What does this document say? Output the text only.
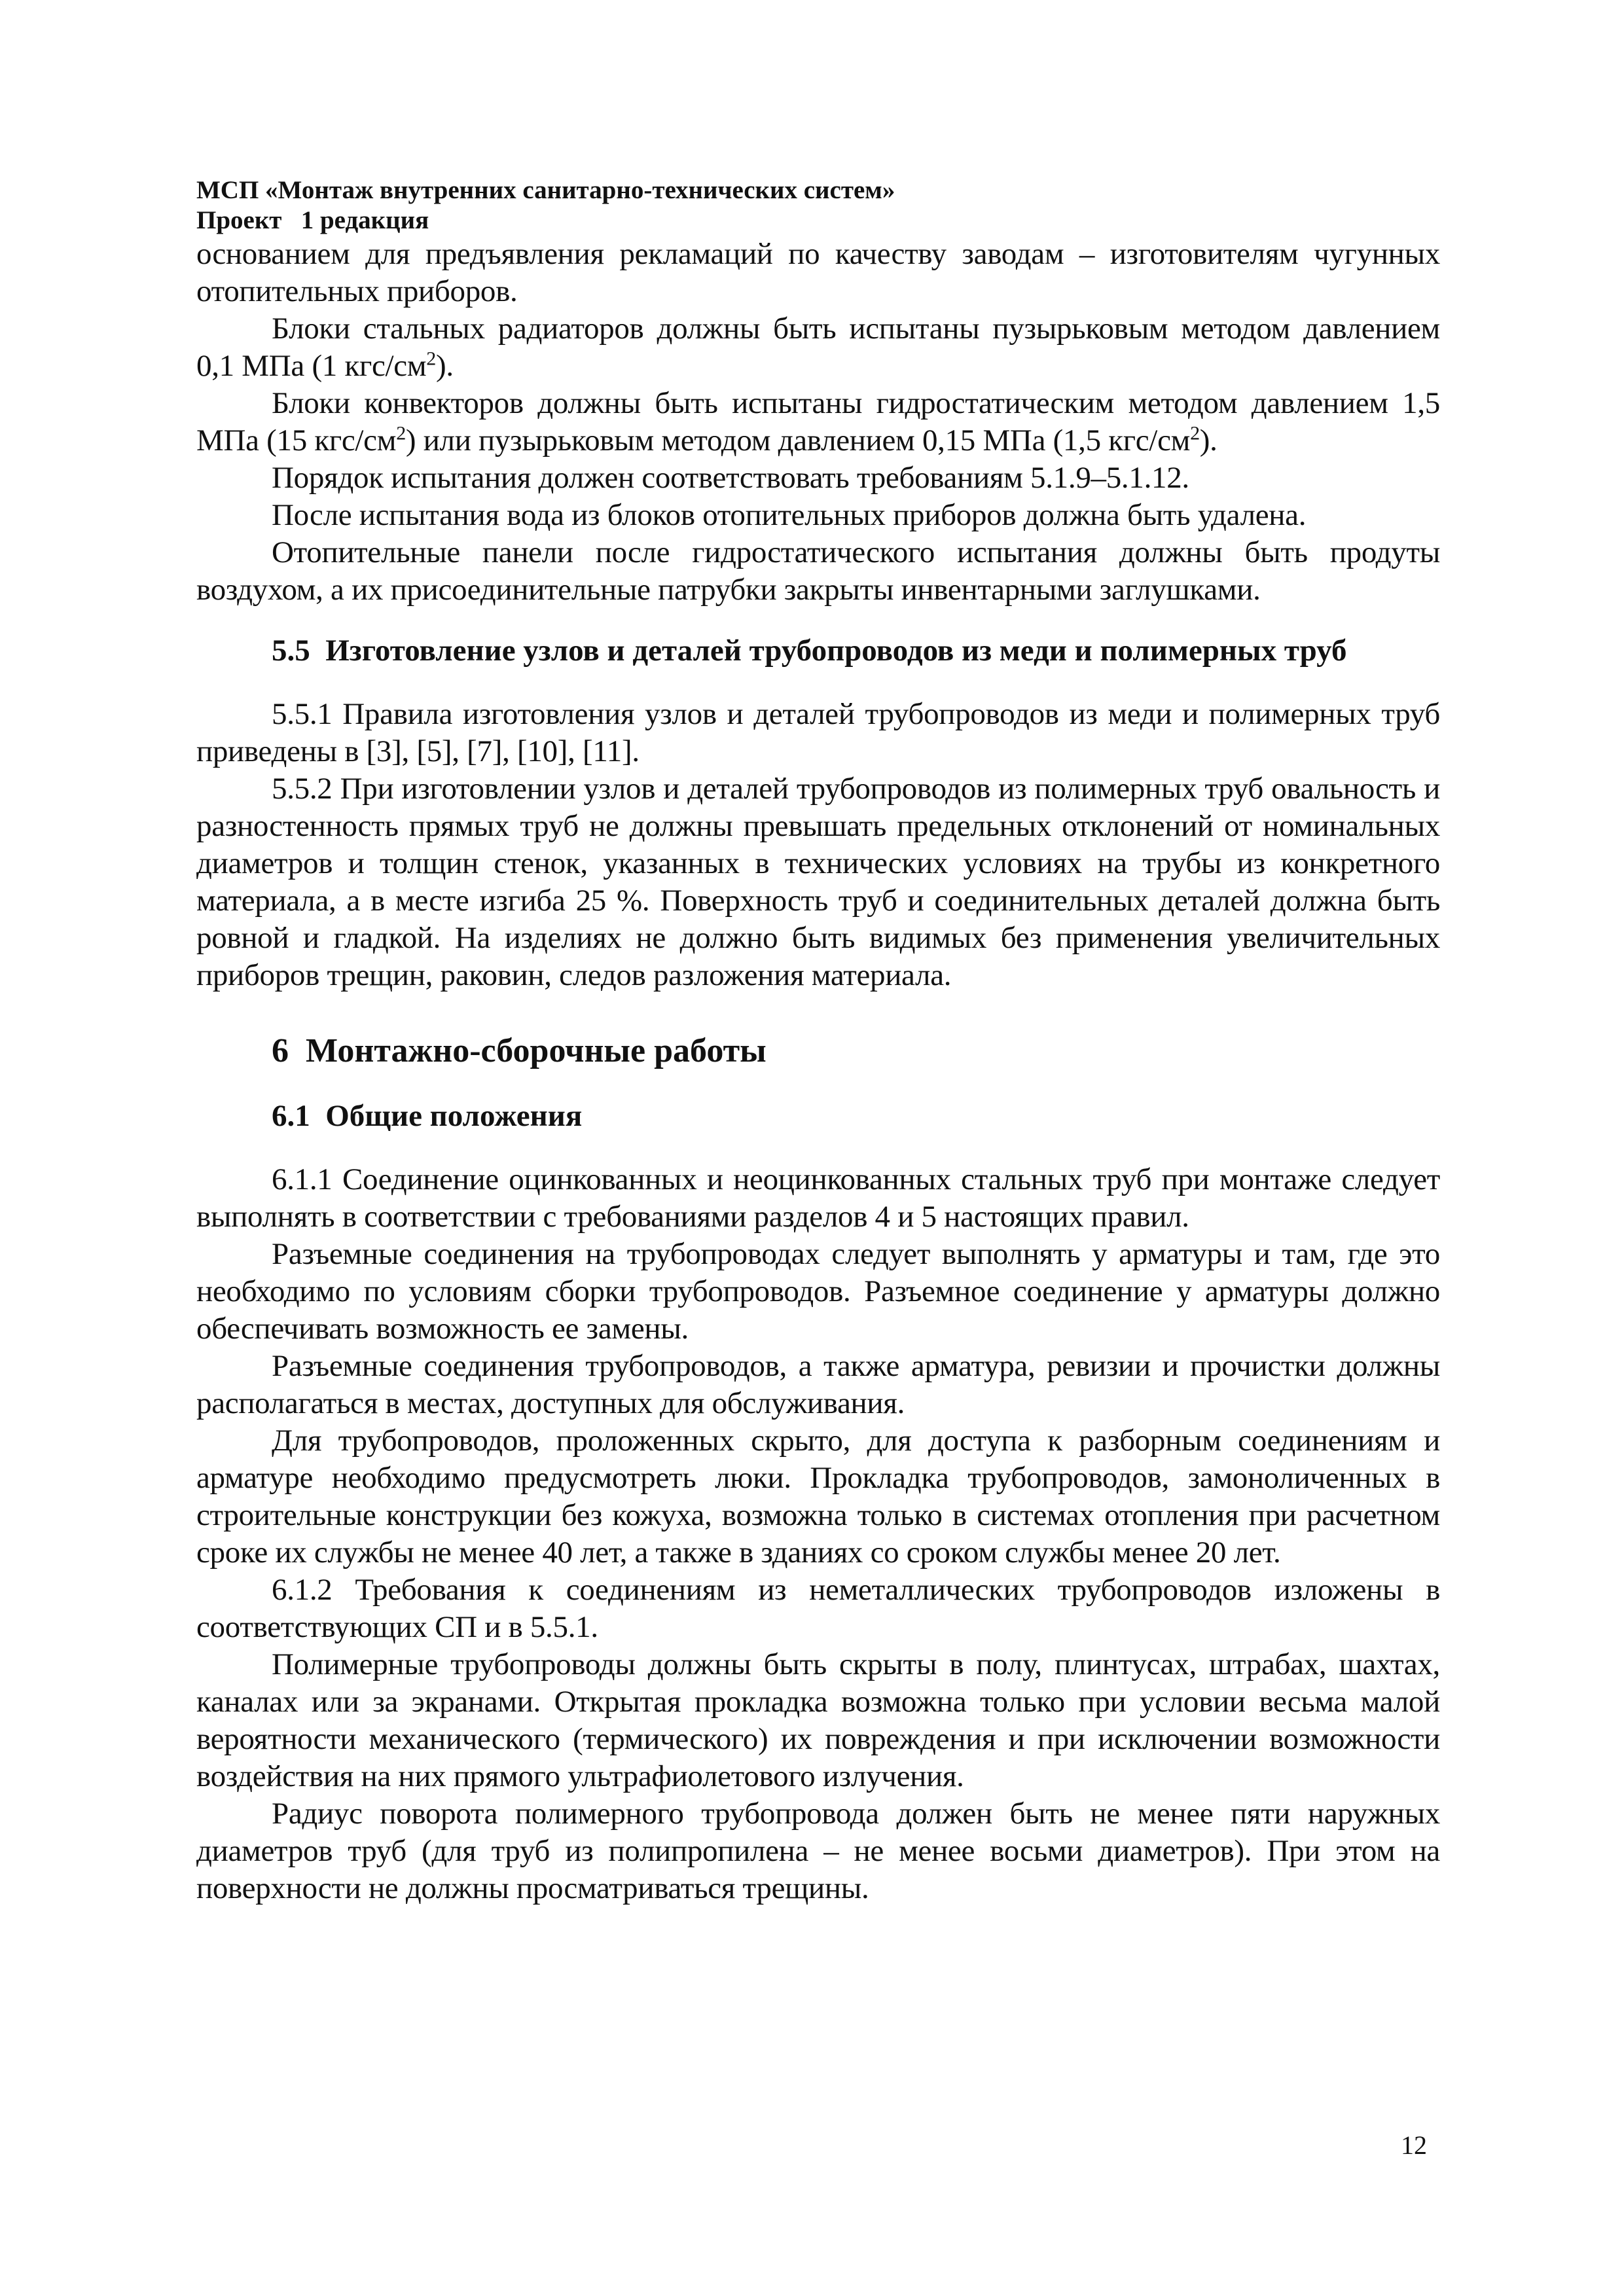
МСП «Монтаж внутренних санитарно-технических систем»

Проект   1 редакция

основанием для предъявления рекламаций по качеству заводам – изготовителям чугунных отопительных приборов.

Блоки стальных радиаторов должны быть испытаны пузырьковым методом давлением 0,1 МПа (1 кгс/$см^2$).

Блоки конвекторов должны быть испытаны гидростатическим методом давлением 1,5 МПа (15 кгс/$см^2$) или пузырьковым методом давлением 0,15 МПа (1,5 кгс/$см^2$).

Порядок испытания должен соответствовать требованиям 5.1.9–5.1.12.

После испытания вода из блоков отопительных приборов должна быть удалена.

Отопительные панели после гидростатического испытания должны быть продуты воздухом, а их присоединительные патрубки закрыты инвентарными заглушками.

5.5  Изготовление узлов и деталей трубопроводов из меди и полимерных труб

5.5.1 Правила изготовления узлов и деталей трубопроводов из меди и полимерных труб приведены в [3], [5], [7], [10], [11].

5.5.2 При изготовлении узлов и деталей трубопроводов из полимерных труб овальность и разностенность прямых труб не должны превышать предельных отклонений от номинальных диаметров и толщин стенок, указанных в технических условиях на трубы из конкретного материала, а в месте изгиба 25 %. Поверхность труб и соединительных деталей должна быть ровной и гладкой. На изделиях не должно быть видимых без применения увеличительных приборов трещин, раковин, следов разложения материала.

6  Монтажно-сборочные работы

6.1  Общие положения

6.1.1 Соединение оцинкованных и неоцинкованных стальных труб при монтаже следует выполнять в соответствии с требованиями разделов 4 и 5 настоящих правил.

Разъемные соединения на трубопроводах следует выполнять у арматуры и там, где это необходимо по условиям сборки трубопроводов. Разъемное соединение у арматуры должно обеспечивать возможность ее замены.

Разъемные соединения трубопроводов, а также арматура, ревизии и прочистки должны располагаться в местах, доступных для обслуживания.

Для трубопроводов, проложенных скрыто, для доступа к разборным соединениям и арматуре необходимо предусмотреть люки. Прокладка трубопроводов, замоноличенных в строительные конструкции без кожуха, возможна только в системах отопления при расчетном сроке их службы не менее 40 лет, а также в зданиях со сроком службы менее 20 лет.

6.1.2 Требования к соединениям из неметаллических трубопроводов изложены в соответствующих СП и в 5.5.1.

Полимерные трубопроводы должны быть скрыты в полу, плинтусах, штрабах, шахтах, каналах или за экранами. Открытая прокладка возможна только при условии весьма малой вероятности механического (термического) их повреждения и при исключении возможности воздействия на них прямого ультрафиолетового излучения.

Радиус поворота полимерного трубопровода должен быть не менее пяти наружных диаметров труб (для труб из полипропилена – не менее восьми диаметров). При этом на поверхности не должны просматриваться трещины.

12
